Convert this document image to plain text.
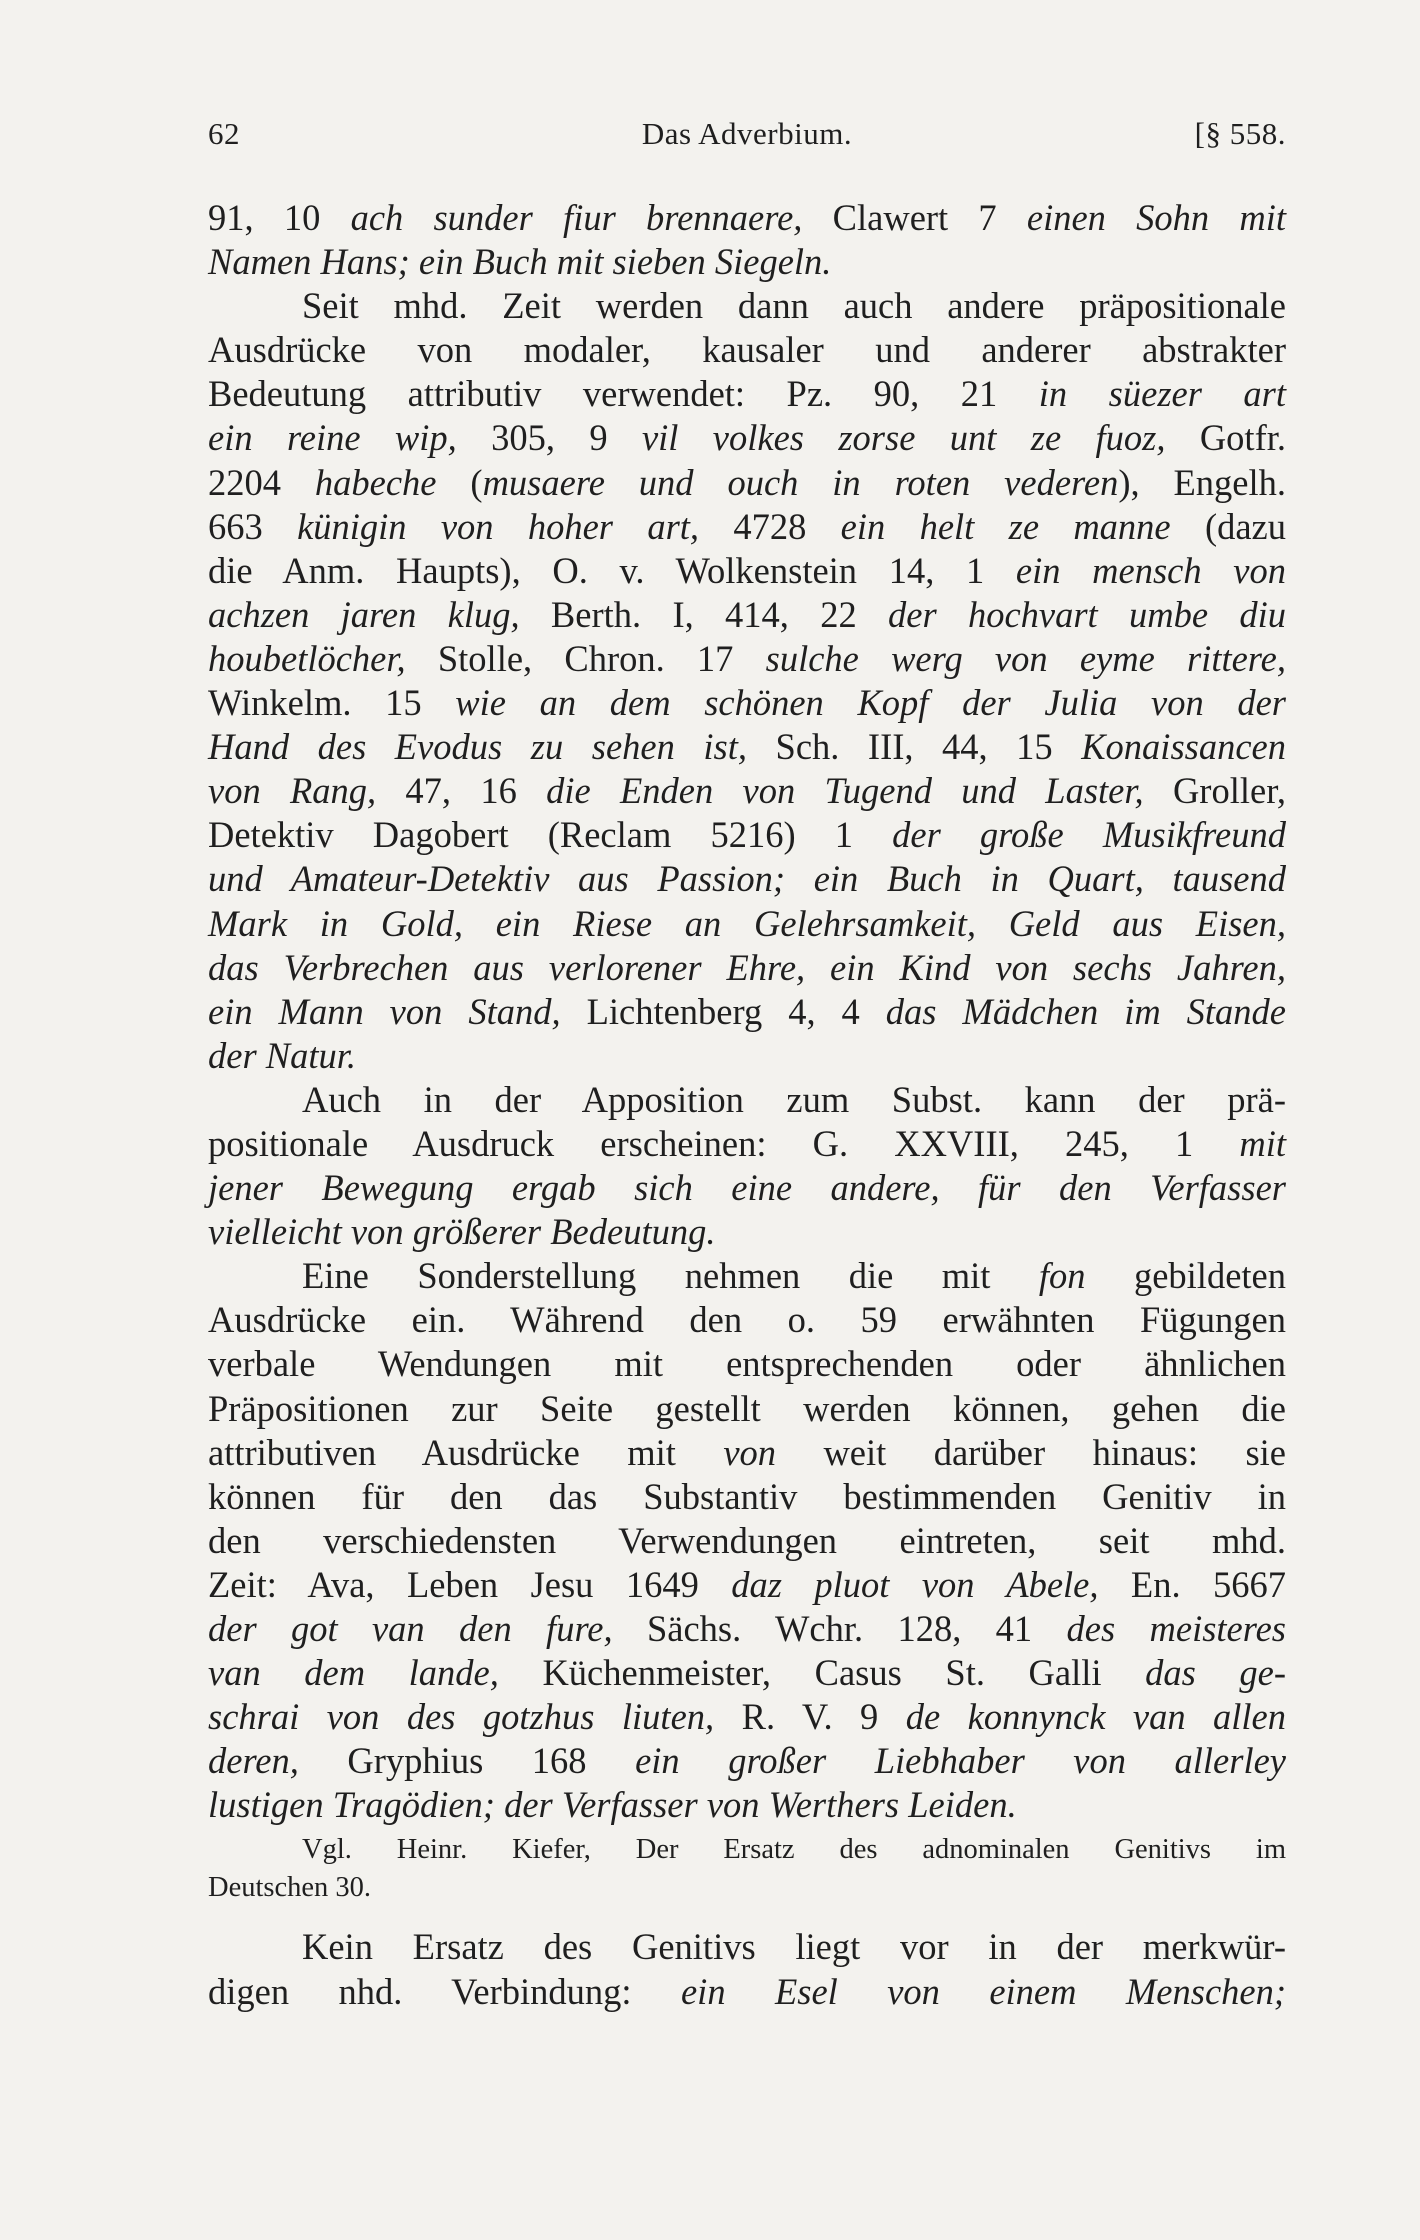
62	Das Adverbium.	[§ 558.
91, 10 ach sunder fiur brennaere, Clawert 7 einen Sohn mit
Namen Hans; ein Buch mit sieben Siegeln.
Seit mhd. Zeit werden dann auch andere präpositionale
Ausdrücke von modaler, kausaler und anderer abstrakter
Bedeutung attributiv verwendet: Pz. 90, 21 in süezer art
ein reine wip, 305, 9 vil volkes zorse unt ze fuoz, Gotfr.
2204 habeche (musaere und ouch in roten vederen), Engelh.
663 künigin von hoher art, 4728 ein helt ze manne (dazu
die Anm. Haupts), O. v. Wolkenstein 14, 1 ein mensch von
achzen jaren klug, Berth. I, 414, 22 der hochvart umbe diu
houbetlöcher, Stolle, Chron. 17 sulche werg von eyme rittere,
Winkelm. 15 wie an dem schönen Kopf der Julia von der
Hand des Evodus zu sehen ist, Sch. III, 44, 15 Konaissancen
von Rang, 47, 16 die Enden von Tugend und Laster, Groller,
Detektiv Dagobert (Reclam 5216) 1 der große Musikfreund
und Amateur-Detektiv aus Passion; ein Buch in Quart, tausend
Mark in Gold, ein Riese an Gelehrsamkeit, Geld aus Eisen,
das Verbrechen aus verlorener Ehre, ein Kind von sechs Jahren,
ein Mann von Stand, Lichtenberg 4, 4 das Mädchen im Stande
der Natur.
Auch in der Apposition zum Subst. kann der prä-
positionale Ausdruck erscheinen: G. XXVIII, 245, 1 mit
jener Bewegung ergab sich eine andere, für den Verfasser
vielleicht von größerer Bedeutung.
Eine Sonderstellung nehmen die mit fon gebildeten
Ausdrücke ein. Während den o. 59 erwähnten Fügungen
verbale Wendungen mit entsprechenden oder ähnlichen
Präpositionen zur Seite gestellt werden können, gehen die
attributiven Ausdrücke mit von weit darüber hinaus: sie
können für den das Substantiv bestimmenden Genitiv in
den verschiedensten Verwendungen eintreten, seit mhd.
Zeit: Ava, Leben Jesu 1649 daz pluot von Abele, En. 5667
der got van den fure, Sächs. Wchr. 128, 41 des meisteres
van dem lande, Küchenmeister, Casus St. Galli das ge-
schrai von des gotzhus liuten, R. V. 9 de konnynck van allen
deren, Gryphius 168 ein großer Liebhaber von allerley
lustigen Tragödien; der Verfasser von Werthers Leiden.
Vgl. Heinr. Kiefer, Der Ersatz des adnominalen Genitivs im
Deutschen 30.
Kein Ersatz des Genitivs liegt vor in der merkwür-
digen nhd. Verbindung: ein Esel von einem Menschen;
